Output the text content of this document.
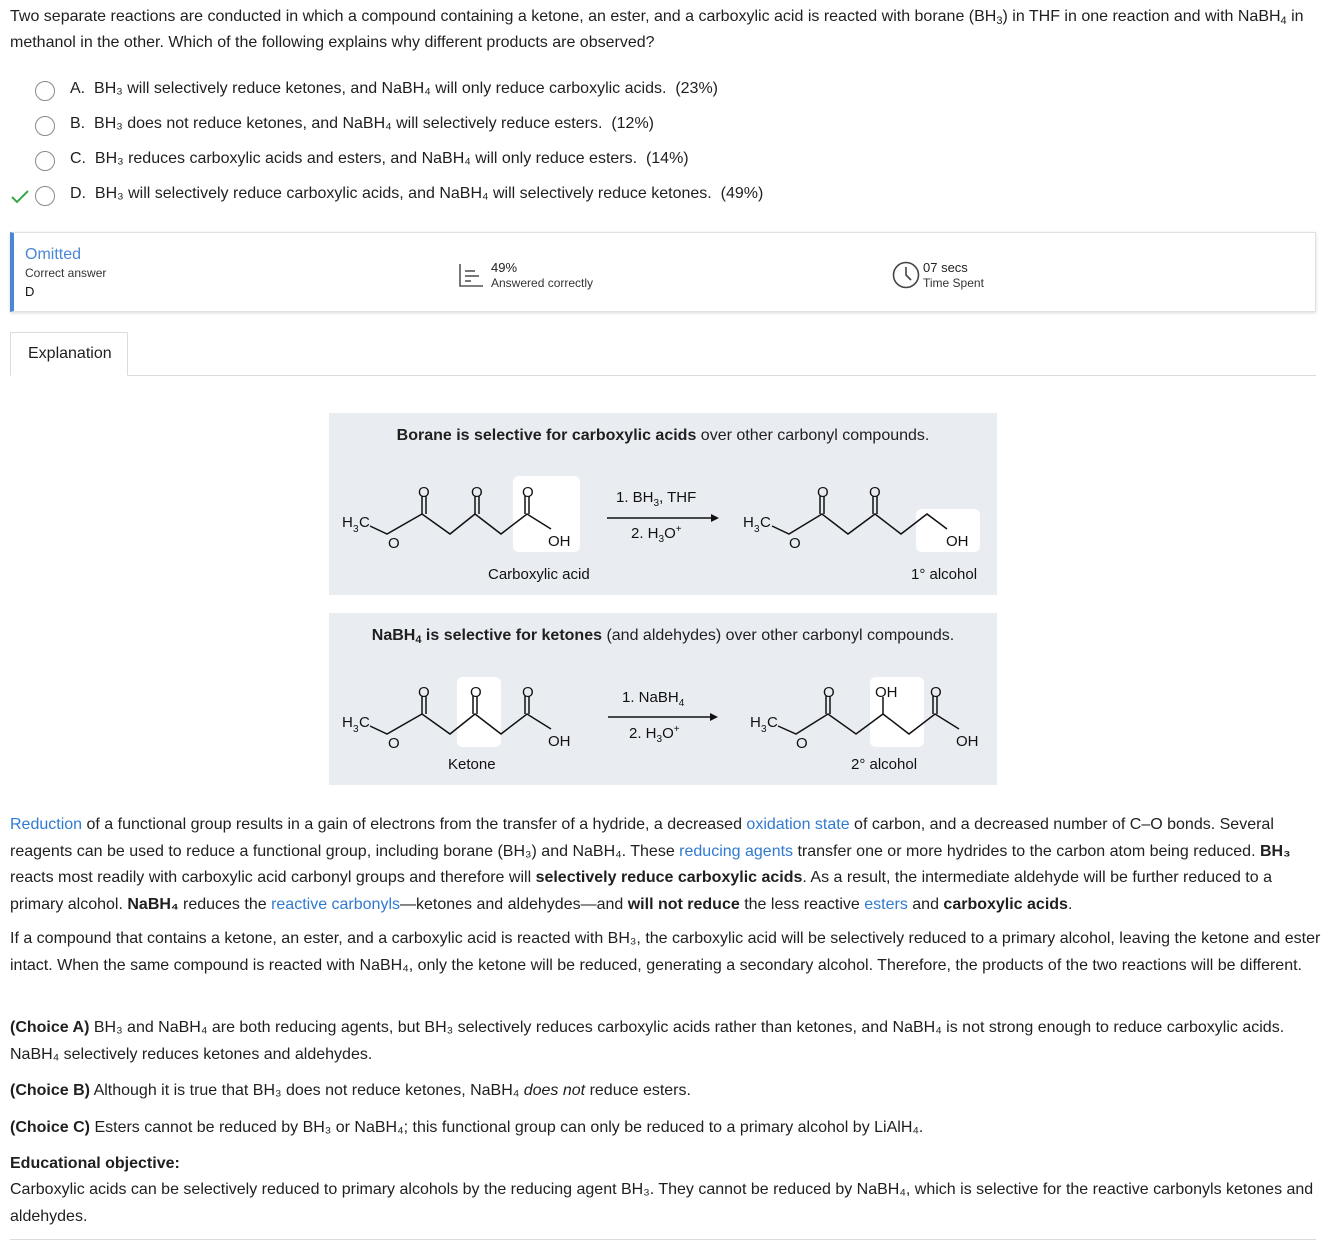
Two separate reactions are conducted in which a compound containing a ketone, an ester, and a carboxylic acid is reacted with borane $(BH_3)$ in THF in one reaction and with NaBH$_4$ in methanol in the other. Which of the following explains why different products are observed?
A. BH₃ will selectively reduce ketones, and NaBH₄ will only reduce carboxylic acids. (23%)
B. BH₃ does not reduce ketones, and NaBH₄ will selectively reduce esters. (12%)
C. BH₃ reduces carboxylic acids and esters, and NaBH₄ will only reduce esters. (14%)
D. BH₃ will selectively reduce carboxylic acids, and NaBH₄ will selectively reduce ketones. (49%)
Omitted
Correct answer
D
49%
Answered correctly
07 secs
Time Spent
Explanation
Borane is selective for carboxylic acids over other carbonyl compounds.
H 3 C
O
O	O	O
OH
1. $BH_3$, THF
2. $H_3O^+$	H 3 C
O
O	O
OH
Carboxylic acid	1° alcohol
NaBH$_4$ is selective for ketones (and aldehydes) over other carbonyl compounds.
H 3 C
O
O	O	O
OH
1. NaBH$_4$
2. $H_3O^+$	H 3 C
O
O	OH O
OH
Ketone	2° alcohol
Reduction of a functional group results in a gain of electrons from the transfer of a hydride, a decreased oxidation state of carbon, and a decreased number of C–O bonds. Several reagents can be used to reduce a functional group, including borane (BH₃) and NaBH₄. These reducing agents transfer one or more hydrides to the carbon atom being reduced. BH₃ reacts most readily with carboxylic acid carbonyl groups and therefore will selectively reduce carboxylic acids. As a result, the intermediate aldehyde will be further reduced to a primary alcohol. NaBH₄ reduces the reactive carbonyls—ketones and aldehydes—and will not reduce the less reactive esters and carboxylic acids.
If a compound that contains a ketone, an ester, and a carboxylic acid is reacted with BH₃, the carboxylic acid will be selectively reduced to a primary alcohol, leaving the ketone and ester intact. When the same compound is reacted with NaBH₄, only the ketone will be reduced, generating a secondary alcohol. Therefore, the products of the two reactions will be different.
(Choice A) BH₃ and NaBH₄ are both reducing agents, but BH₃ selectively reduces carboxylic acids rather than ketones, and NaBH₄ is not strong enough to reduce carboxylic acids. NaBH₄ selectively reduces ketones and aldehydes.
(Choice B) Although it is true that BH₃ does not reduce ketones, NaBH₄ does not reduce esters.
(Choice C) Esters cannot be reduced by BH₃ or NaBH₄; this functional group can only be reduced to a primary alcohol by LiAlH₄.
Educational objective:
Carboxylic acids can be selectively reduced to primary alcohols by the reducing agent BH₃. They cannot be reduced by NaBH₄, which is selective for the reactive carbonyls ketones and aldehydes.
